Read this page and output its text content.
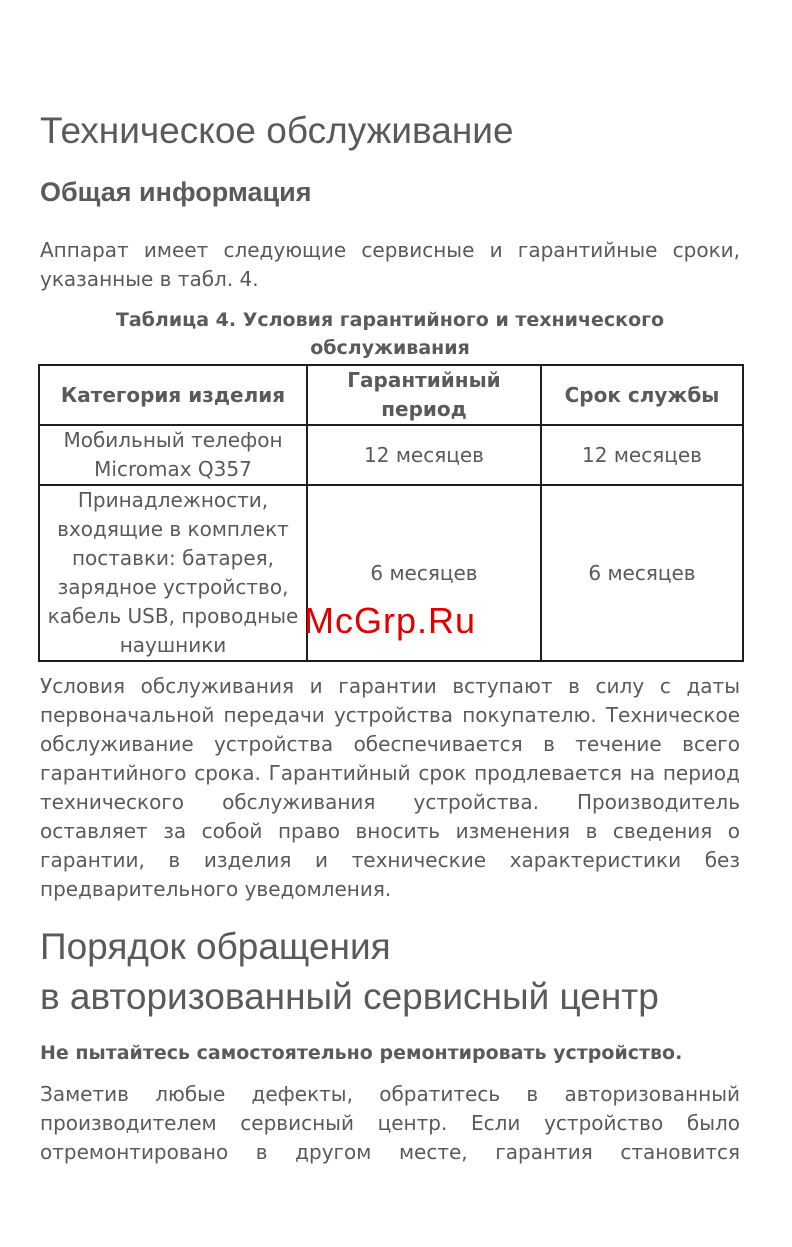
Техническое обслуживание
Общая информация

Аппарат имеет следующие сервисные и гарантийные сроки, указанные в табл. 4.

Таблица 4. Условия гарантийного и технического обслуживания
Категория изделия	Гарантийный период	Срок службы
Мобильный телефон Micromax Q357	12 месяцев	12 месяцев
Принадлежности, входящие в комплект поставки: батарея, зарядное устройство, кабель USB, проводные наушники	6 месяцев	6 месяцев

Условия обслуживания и гарантии вступают в силу с даты первоначальной передачи устройства покупателю. Техническое обслуживание устройства обеспечивается в течение всего гарантийного срока. Гарантийный срок продлевается на период технического обслуживания устройства. Производитель оставляет за собой право вносить изменения в сведения о гарантии, в изделия и технические характеристики без предварительного уведомления.

Порядок обращения
в авторизованный сервисный центр
Не пытайтесь самостоятельно ремонтировать устройство.

Заметив любые дефекты, обратитесь в авторизованный производителем сервисный центр. Если устройство было отремонтировано в другом месте, гарантия становится

McGrp.Ru
